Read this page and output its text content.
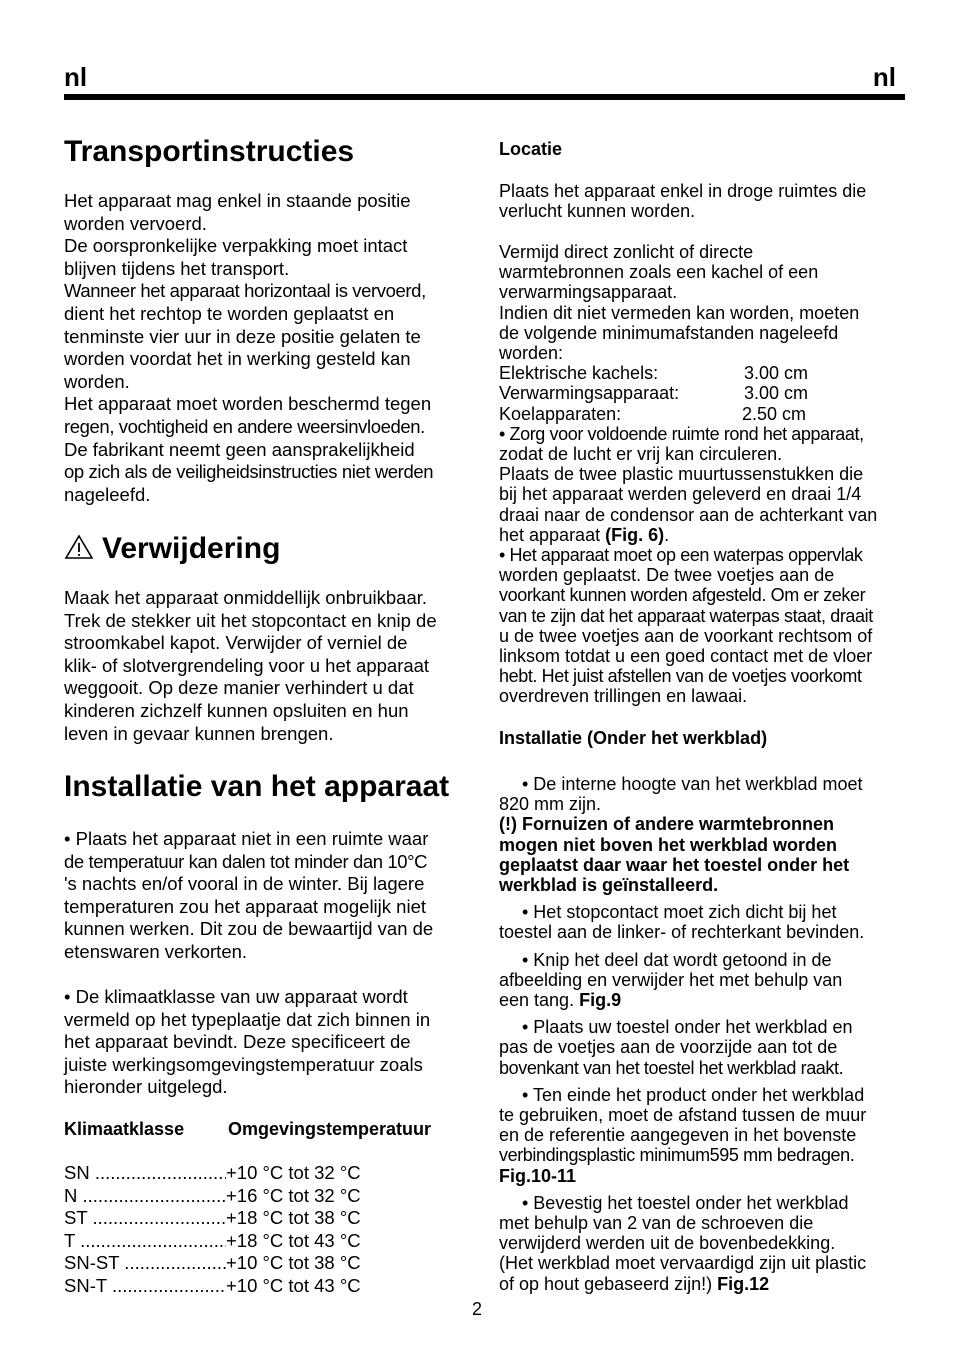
nl	nl
Transportinstructies

Het apparaat mag enkel in staande positie

worden vervoerd.

De oorspronkelijke verpakking moet intact

blijven tijdens het transport.

Wanneer het apparaat horizontaal is vervoerd,

dient het rechtop te worden geplaatst en

tenminste vier uur in deze positie gelaten te

worden voordat het in werking gesteld kan

worden.

Het apparaat moet worden beschermd tegen

regen, vochtigheid en andere weersinvloeden.

De fabrikant neemt geen aansprakelijkheid

op zich als de veiligheidsinstructies niet werden

nageleefd.

Verwijdering

Maak het apparaat onmiddellijk onbruikbaar.

Trek de stekker uit het stopcontact en knip de

stroomkabel kapot. Verwijder of verniel de

klik- of slotvergrendeling voor u het apparaat

weggooit. Op deze manier verhindert u dat

kinderen zichzelf kunnen opsluiten en hun

leven in gevaar kunnen brengen.

Installatie van het apparaat

• Plaats het apparaat niet in een ruimte waar

de temperatuur kan dalen tot minder dan 10°C

's nachts en/of vooral in de winter. Bij lagere

temperaturen zou het apparaat mogelijk niet

kunnen werken. Dit zou de bewaartijd van de

etenswaren verkorten.

• De klimaatklasse van uw apparaat wordt

vermeld op het typeplaatje dat zich binnen in

het apparaat bevindt. Deze specificeert de

juiste werkingsomgevingstemperatuur zoals

hieronder uitgelegd.

Klimaatklasse	Omgevingstemperatuur
SN .....	+10 °C tot 32 °C
N .....	+16 °C tot 32 °C
ST .....	+18 °C tot 38 °C
T .....	+18 °C tot 43 °C
SN-ST .....	+10 °C tot 38 °C
SN-T .....	+10 °C tot 43 °C
Locatie

Plaats het apparaat enkel in droge ruimtes die

verlucht kunnen worden.

Vermijd direct zonlicht of directe

warmtebronnen zoals een kachel of een

verwarmingsapparaat.

Indien dit niet vermeden kan worden, moeten

de volgende minimumafstanden nageleefd

worden:

Elektrische kachels:	3.00 cm
Verwarmingsapparaat:	3.00 cm
Koelapparaten:	2.50 cm

• Zorg voor voldoende ruimte rond het apparaat,

zodat de lucht er vrij kan circuleren.

Plaats de twee plastic muurtussenstukken die

bij het apparaat werden geleverd en draai 1/4

draai naar de condensor aan de achterkant van

het apparaat (Fig. 6).

• Het apparaat moet op een waterpas oppervlak

worden geplaatst. De twee voetjes aan de

voorkant kunnen worden afgesteld. Om er zeker

van te zijn dat het apparaat waterpas staat, draait

u de twee voetjes aan de voorkant rechtsom of

linksom totdat u een goed contact met de vloer

hebt. Het juist afstellen van de voetjes voorkomt

overdreven trillingen en lawaai.

Installatie (Onder het werkblad)

• De interne hoogte van het werkblad moet

820 mm zijn.

(!) Fornuizen of andere warmtebronnen

mogen niet boven het werkblad worden

geplaatst daar waar het toestel onder het

werkblad is geïnstalleerd.

• Het stopcontact moet zich dicht bij het

toestel aan de linker- of rechterkant bevinden.

• Knip het deel dat wordt getoond in de

afbeelding en verwijder het met behulp van

een tang. Fig.9

• Plaats uw toestel onder het werkblad en

pas de voetjes aan de voorzijde aan tot de

bovenkant van het toestel het werkblad raakt.

• Ten einde het product onder het werkblad

te gebruiken, moet de afstand tussen de muur

en de referentie aangegeven in het bovenste

verbindingsplastic minimum595 mm bedragen.

Fig.10-11

• Bevestig het toestel onder het werkblad

met behulp van 2 van de schroeven die

verwijderd werden uit de bovenbedekking.

(Het werkblad moet vervaardigd zijn uit plastic

of op hout gebaseerd zijn!) Fig.12

2
